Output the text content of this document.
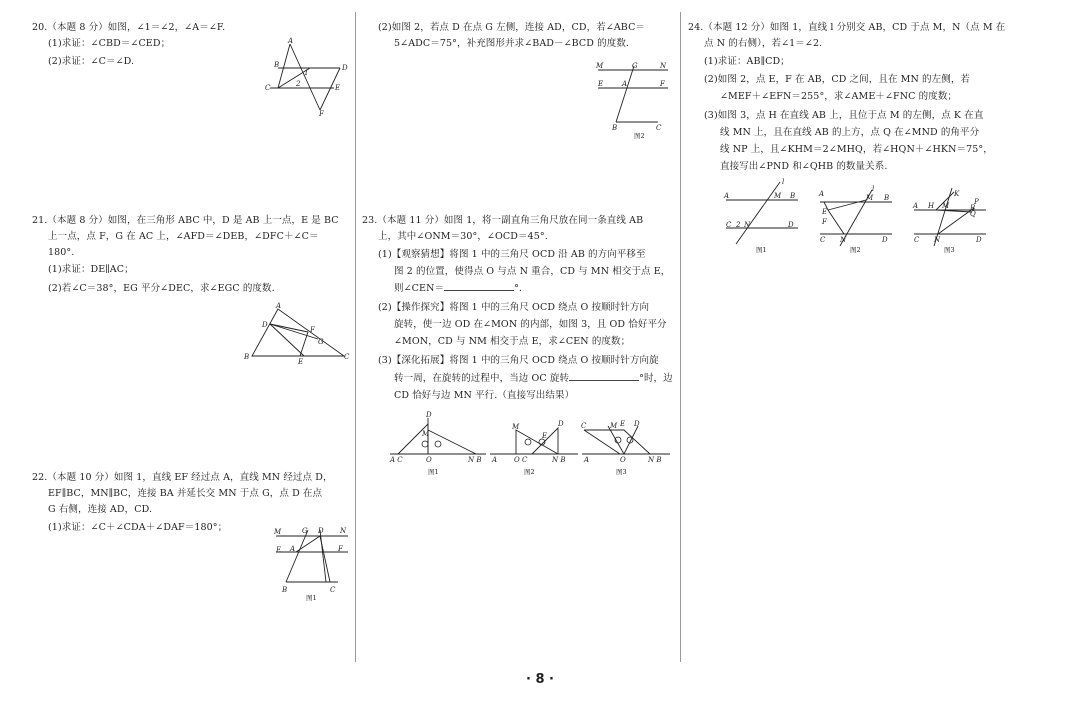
20.（本题 8 分）如图，∠1＝∠2，∠A＝∠F.
(1)求证：∠CBD＝∠CED；
(2)求证：∠C＝∠D.
A
B	D
C	E
F
1
2
21.（本题 8 分）如图，在三角形 ABC 中，D 是 AB 上一点，E 是 BC
上一点，点 F，G 在 AC 上，∠AFD＝∠DEB，∠DFC＋∠C＝
180°.
(1)求证：DE∥AC；
(2)若∠C＝38°，EG 平分∠DEC，求∠EGC 的度数.
A
D
F
G
B
E
C
22.（本题 10 分）如图 1，直线 EF 经过点 A，直线 MN 经过点 D，
EF∥BC，MN∥BC，连接 BA 并延长交 MN 于点 G，点 D 在点
G 右侧，连接 AD，CD.
(1)求证：∠C＋∠CDA＋∠DAF＝180°；	M	G D N
E A	F
B	C
图1
(2)如图 2，若点 D 在点 G 左侧，连接 AD，CD，若∠ABC＝
5∠ADC＝75°，补充图形并求∠BAD－∠BCD 的度数.
M	G	N
E	A	F
B	C
图2
23.（本题 11 分）如图 1，将一副直角三角尺放在同一条直线 AB
上，其中∠ONM＝30°，∠OCD＝45°.
(1)【观察猜想】将图 1 中的三角尺 OCD 沿 AB 的方向平移至
图 2 的位置，使得点 O 与点 N 重合，CD 与 MN 相交于点 E，
则∠CEN＝	°.
(2)【操作探究】将图 1 中的三角尺 OCD 绕点 O 按顺时针方向
旋转，使一边 OD 在∠MON 的内部，如图 3，且 OD 恰好平分
∠MON，CD 与 NM 相交于点 E，求∠CEN 的度数；
(3)【深化拓展】将图 1 中的三角尺 OCD 绕点 O 按顺时针方向旋
转一周，在旋转的过程中，当边 OC 旋转	°时，边
CD 恰好与边 MN 平行.（直接写出结果）
D
M
A C	O	N B
图1
M
E
D
A O C	N B
图2
C	M E D
A	O	N B
图3
24.（本题 12 分）如图 1，直线 l 分别交 AB，CD 于点 M，N（点 M 在
点 N 的右侧），若∠1＝∠2.
(1)求证：AB∥CD；
(2)如图 2，点 E，F 在 AB，CD 之间，且在 MN 的左侧，若
∠MEF＋∠EFN＝255°，求∠AME＋∠FNC 的度数；
(3)如图 3，点 H 在直线 AB 上，且位于点 M 的左侧，点 K 在直
线 MN 上，且在直线 AB 的上方，点 Q 在∠MND 的角平分
线 NP 上，且∠KHM＝2∠MHQ，若∠HQN＋∠HKN＝75°，
直接写出∠PND 和∠QHB 的数量关系.
l
A	M B
C 2 N	D
图1
A
l
M B
E
F
C N	D
图2
A H M
K
B
P
Q
C N	D
图3
· 8 ·
